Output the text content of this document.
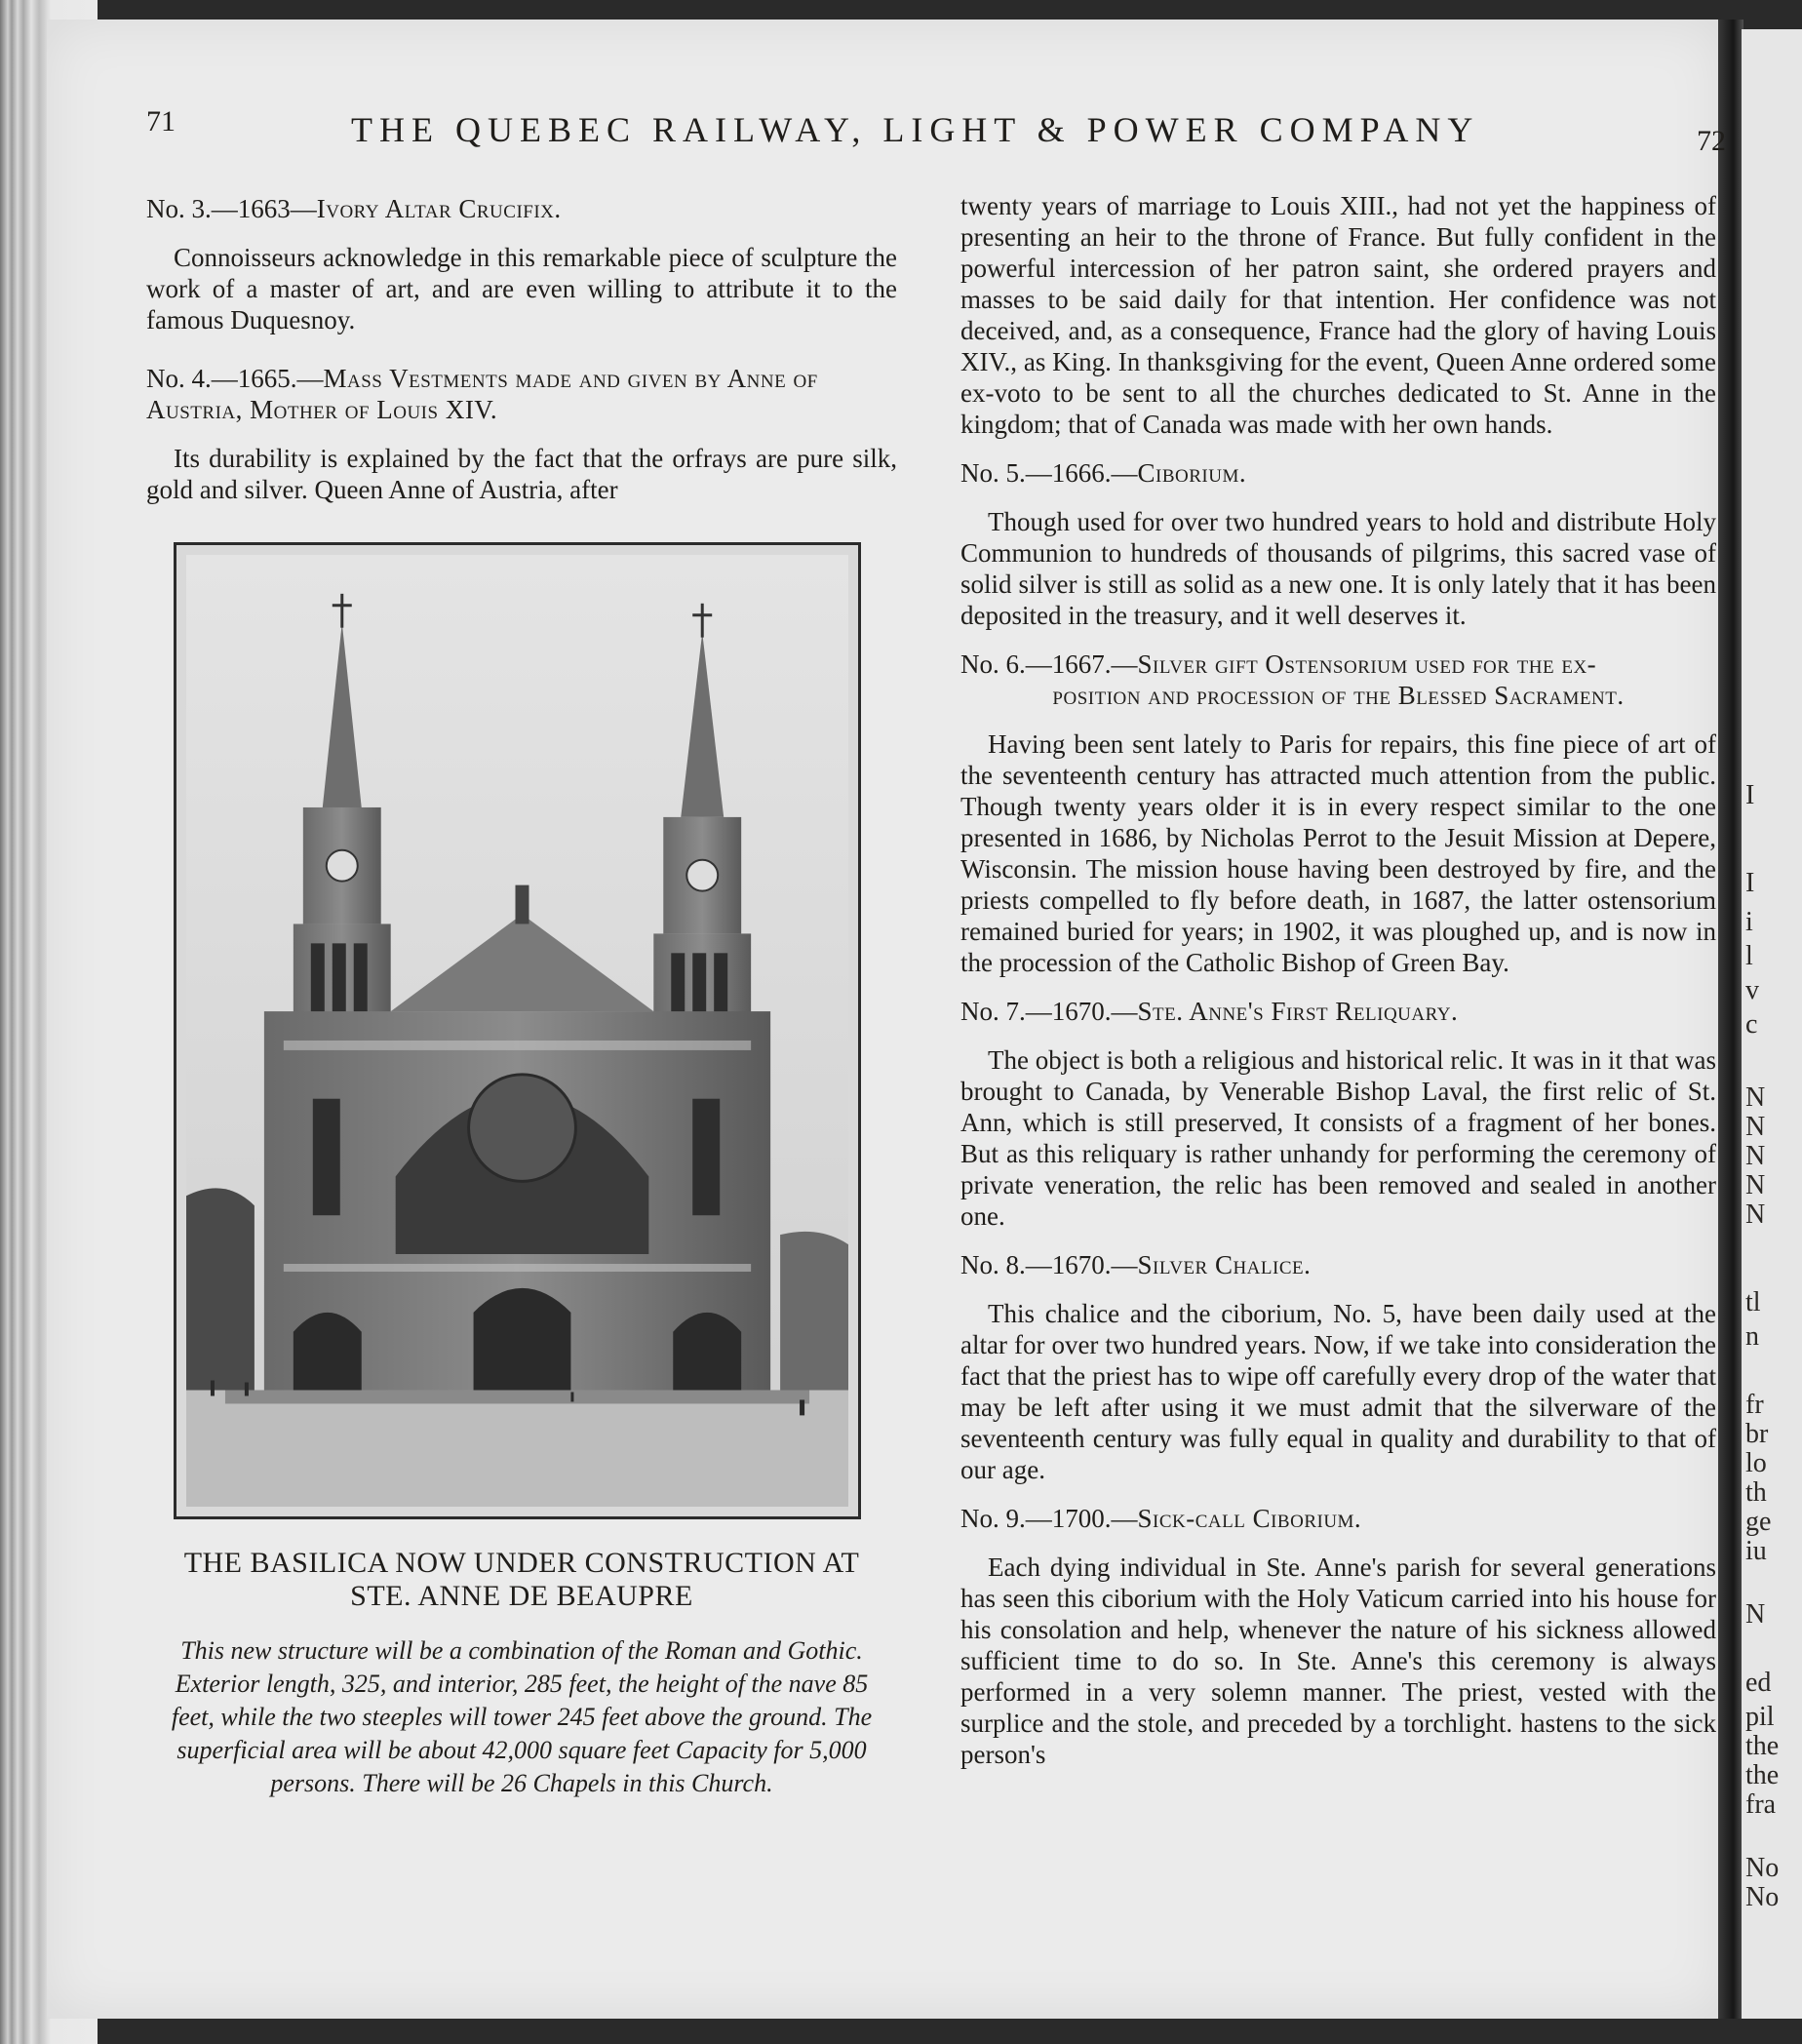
I
I
i
l
v
c
N
N
N
N
N
tl
n
fr
br
lo
th
ge
iu
N
ed
pil
the
the
fra
No
No
71	THE QUEBEC RAILWAY, LIGHT & POWER COMPANY	72
No. 3.—1663—Ivory Altar Crucifix.

Connoisseurs acknowledge in this remarkable piece of sculpture the work of a master of art, and are even willing to attribute it to the famous Duquesnoy.

No. 4.—1665.—Mass Vestments made and given by Anne of Austria, Mother of Louis XIV.

Its durability is explained by the fact that the orfrays are pure silk, gold and silver. Queen Anne of Austria, after

THE BASILICA NOW UNDER CONSTRUCTION AT
STE. ANNE DE BEAUPRE

This new structure will be a combination of the Roman and Gothic. Exterior length, 325, and interior, 285 feet, the height of the nave 85 feet, while the two steeples will tower 245 feet above the ground. The superficial area will be about 42,000 square feet Capacity for 5,000 persons. There will be 26 Chapels in this Church.

twenty years of marriage to Louis XIII., had not yet the happiness of presenting an heir to the throne of France. But fully confident in the powerful intercession of her patron saint, she ordered prayers and masses to be said daily for that intention. Her confidence was not deceived, and, as a consequence, France had the glory of having Louis XIV., as King. In thanksgiving for the event, Queen Anne ordered some ex-voto to be sent to all the churches dedicated to St. Anne in the kingdom; that of Canada was made with her own hands.

No. 5.—1666.—Ciborium.

Though used for over two hundred years to hold and distribute Holy Communion to hundreds of thousands of pilgrims, this sacred vase of solid silver is still as solid as a new one. It is only lately that it has been deposited in the treasury, and it well deserves it.

No. 6.—1667.—Silver gift Ostensorium used for the ex-
position and procession of the Blessed Sacrament.

Having been sent lately to Paris for repairs, this fine piece of art of the seventeenth century has attracted much attention from the public. Though twenty years older it is in every respect similar to the one presented in 1686, by Nicholas Perrot to the Jesuit Mission at Depere, Wisconsin. The mission house having been destroyed by fire, and the priests compelled to fly before death, in 1687, the latter ostensorium remained buried for years; in 1902, it was ploughed up, and is now in the procession of the Catholic Bishop of Green Bay.

No. 7.—1670.—Ste. Anne's First Reliquary.

The object is both a religious and historical relic. It was in it that was brought to Canada, by Venerable Bishop Laval, the first relic of St. Ann, which is still preserved, It consists of a fragment of her bones. But as this reliquary is rather unhandy for performing the ceremony of private veneration, the relic has been removed and sealed in another one.

No. 8.—1670.—Silver Chalice.

This chalice and the ciborium, No. 5, have been daily used at the altar for over two hundred years. Now, if we take into consideration the fact that the priest has to wipe off carefully every drop of the water that may be left after using it we must admit that the silverware of the seventeenth century was fully equal in quality and durability to that of our age.

No. 9.—1700.—Sick-call Ciborium.

Each dying individual in Ste. Anne's parish for several generations has seen this ciborium with the Holy Vaticum carried into his house for his consolation and help, whenever the nature of his sickness allowed sufficient time to do so. In Ste. Anne's this ceremony is always performed in a very solemn manner. The priest, vested with the surplice and the stole, and preceded by a torchlight. hastens to the sick person's
